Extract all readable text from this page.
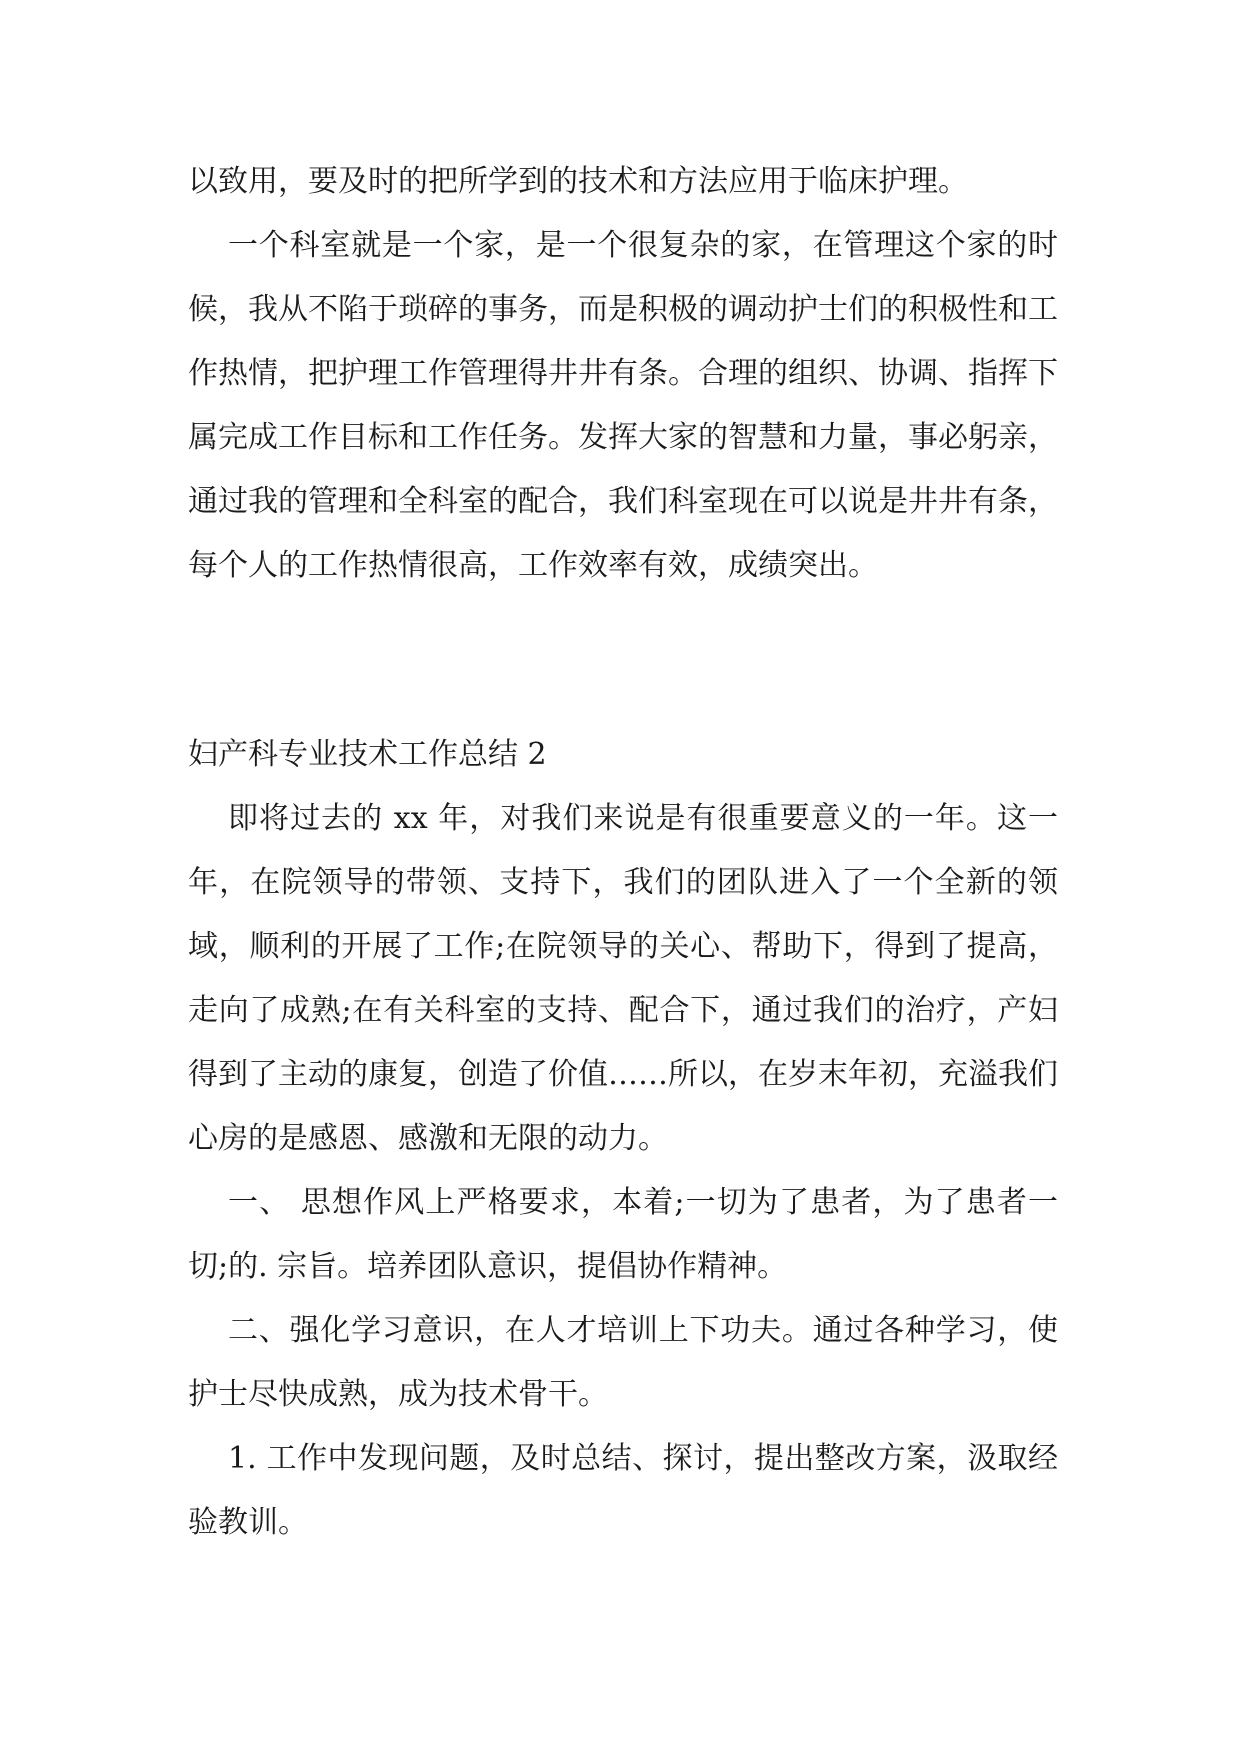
以致用，要及时的把所学到的技术和方法应用于临床护理。

一个科室就是一个家，是一个很复杂的家，在管理这个家的时候，我从不陷于琐碎的事务，而是积极的调动护士们的积极性和工作热情，把护理工作管理得井井有条。合理的组织、协调、指挥下属完成工作目标和工作任务。发挥大家的智慧和力量，事必躬亲，通过我的管理和全科室的配合，我们科室现在可以说是井井有条，每个人的工作热情很高，工作效率有效，成绩突出。

妇产科专业技术工作总结 2

即将过去的 xx 年，对我们来说是有很重要意义的一年。这一年，在院领导的带领、支持下，我们的团队进入了一个全新的领域，顺利的开展了工作;在院领导的关心、帮助下，得到了提高，走向了成熟;在有关科室的支持、配合下，通过我们的治疗，产妇得到了主动的康复，创造了价值……所以，在岁末年初，充溢我们心房的是感恩、感激和无限的动力。

一、 思想作风上严格要求，本着;一切为了患者，为了患者一切;的. 宗旨。培养团队意识，提倡协作精神。

二、强化学习意识，在人才培训上下功夫。通过各种学习，使护士尽快成熟，成为技术骨干。

1. 工作中发现问题，及时总结、探讨，提出整改方案，汲取经验教训。
